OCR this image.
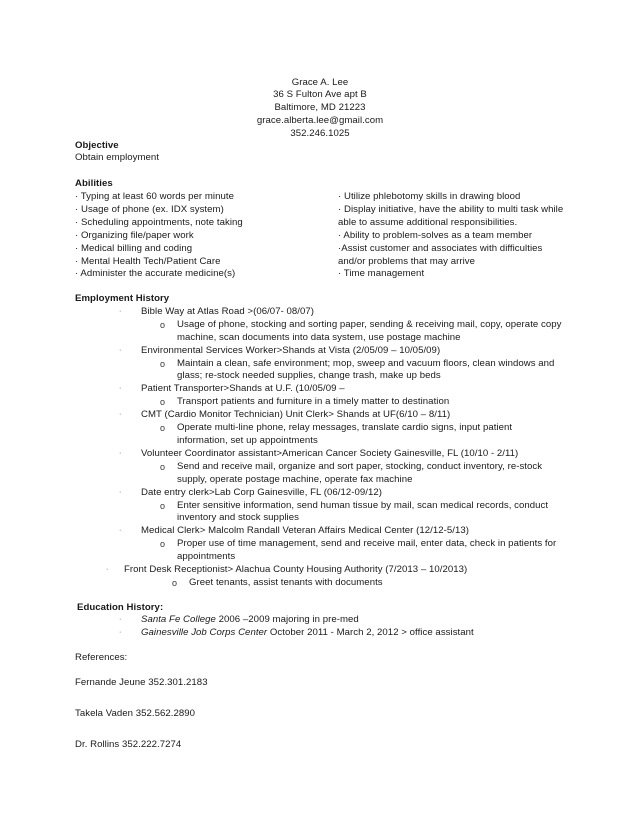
Grace A. Lee
36 S Fulton Ave apt B
Baltimore, MD 21223
grace.alberta.lee@gmail.com
352.246.1025
Objective
Obtain employment
Abilities
· Typing at least 60 words per minute
· Usage of phone (ex. IDX system)
· Scheduling appointments, note taking
· Organizing file/paper work
· Medical billing and coding
· Mental Health Tech/Patient Care
· Administer the accurate medicine(s)
· Utilize phlebotomy skills in drawing blood
· Display initiative, have the ability to multi task while
able to assume additional responsibilities.
· Ability to problem-solves as a team member
·Assist customer and associates with difficulties
and/or problems that may arrive
· Time management
Employment History
· Bible Way at Atlas Road >(06/07- 08/07)
o Usage of phone, stocking and sorting paper, sending & receiving mail, copy, operate copy
machine, scan documents into data system, use postage machine
· Environmental Services Worker>Shands at Vista (2/05/09 – 10/05/09)
o Maintain a clean, safe environment; mop, sweep and vacuum floors, clean windows and
glass; re-stock needed supplies, change trash, make up beds
· Patient Transporter>Shands at U.F. (10/05/09 –
o Transport patients and furniture in a timely matter to destination
· CMT (Cardio Monitor Technician) Unit Clerk> Shands at UF(6/10 – 8/11)
o Operate multi-line phone, relay messages, translate cardio signs, input patient
information, set up appointments
· Volunteer Coordinator assistant>American Cancer Society Gainesville, FL (10/10 - 2/11)
o Send and receive mail, organize and sort paper, stocking, conduct inventory, re-stock
supply, operate postage machine, operate fax machine
· Date entry clerk>Lab Corp Gainesville, FL (06/12-09/12)
o Enter sensitive information, send human tissue by mail, scan medical records, conduct
inventory and stock supplies
· Medical Clerk> Malcolm Randall Veteran Affairs Medical Center (12/12-5/13)
o Proper use of time management, send and receive mail, enter data, check in patients for
appointments
· Front Desk Receptionist> Alachua County Housing Authority (7/2013 – 10/2013)
o Greet tenants, assist tenants with documents
Education History:
· Santa Fe College 2006 –2009 majoring in pre-med
· Gainesville Job Corps Center October 2011 - March 2, 2012 > office assistant
References:
Fernande Jeune 352.301.2183
Takela Vaden 352.562.2890
Dr. Rollins 352.222.7274
